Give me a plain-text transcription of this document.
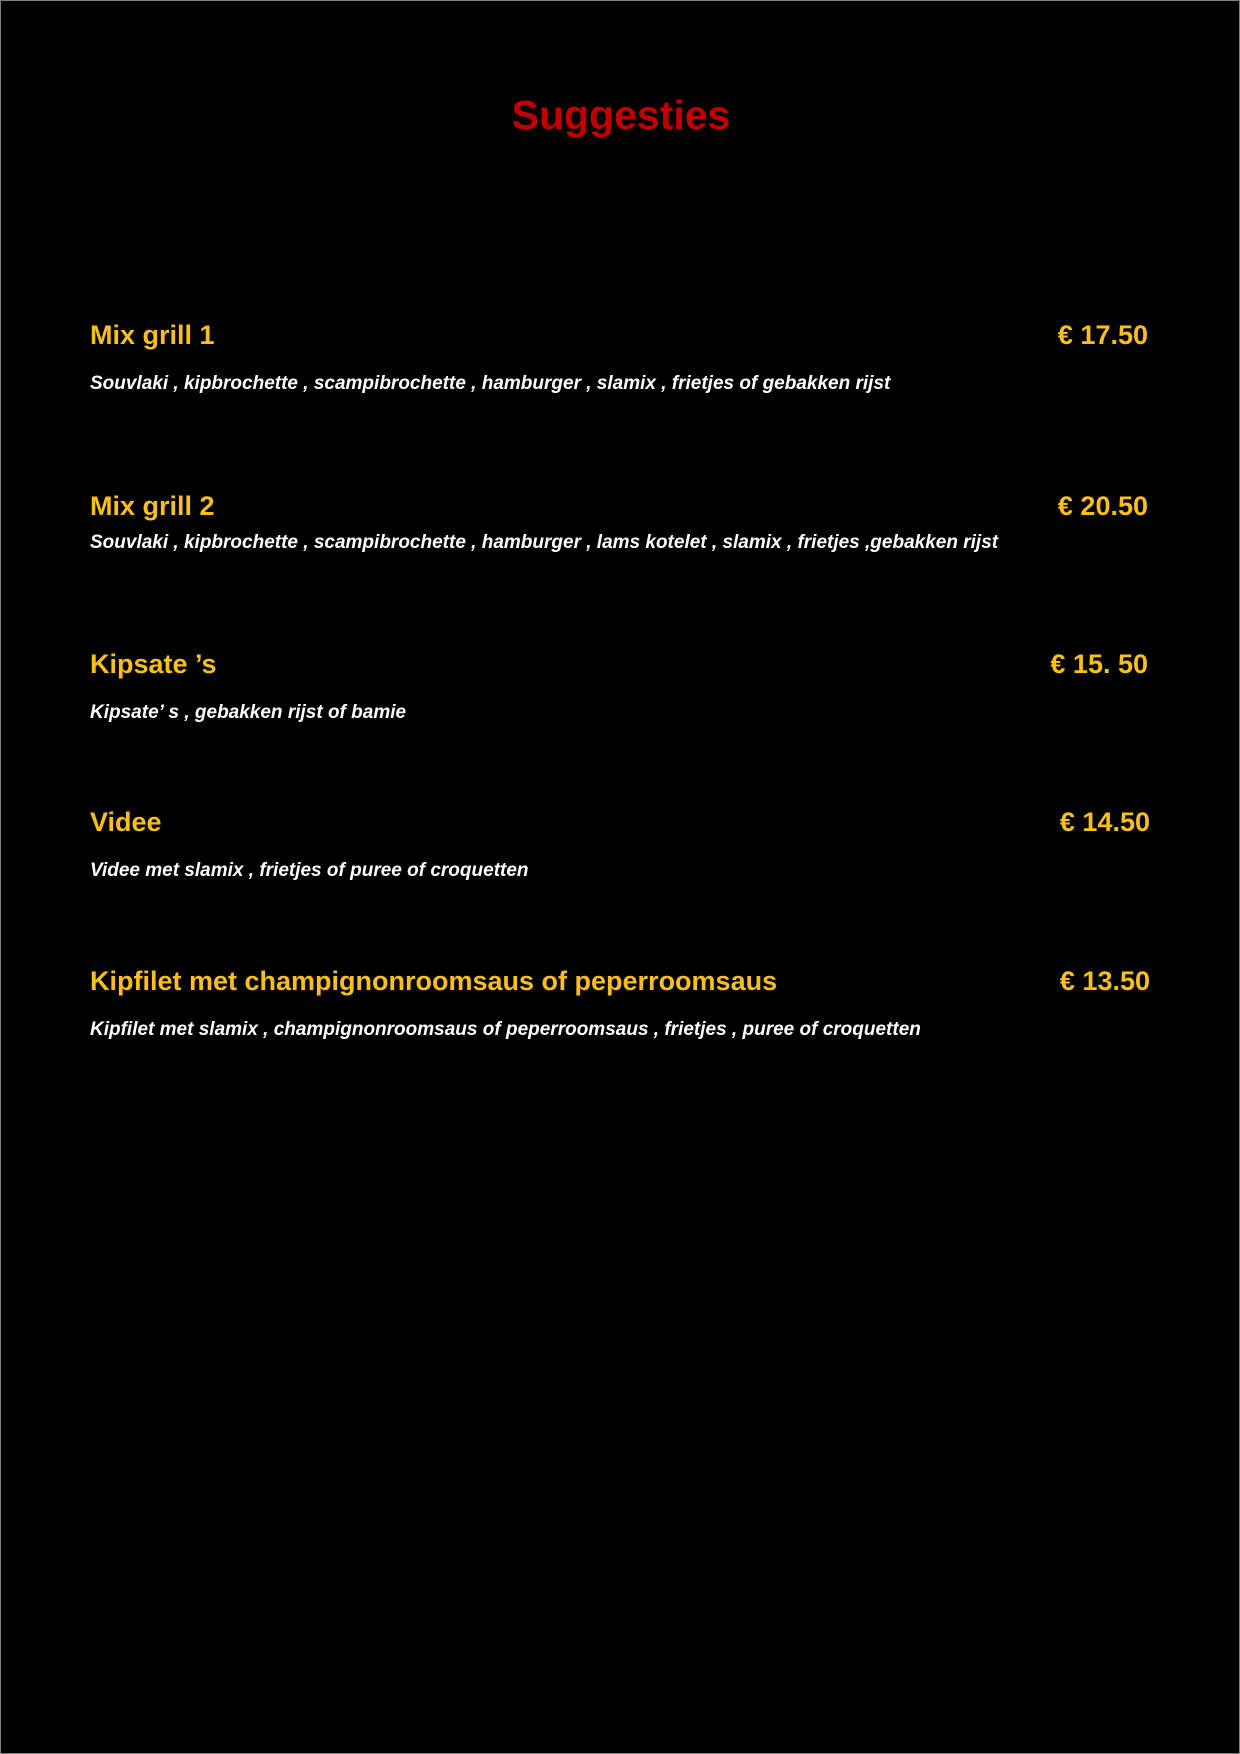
Suggesties
Mix grill 1	€ 17.50
Souvlaki , kipbrochette , scampibrochette , hamburger , slamix , frietjes of gebakken rijst
Mix grill 2	€ 20.50
Souvlaki , kipbrochette , scampibrochette , hamburger , lams kotelet , slamix , frietjes ,gebakken rijst
Kipsate ’s	€ 15. 50
Kipsate’ s , gebakken rijst of bamie
Videe	€ 14.50
Videe met slamix , frietjes of puree of croquetten
Kipfilet met champignonroomsaus of peperroomsaus	€ 13.50
Kipfilet met slamix , champignonroomsaus of peperroomsaus , frietjes , puree of croquetten
